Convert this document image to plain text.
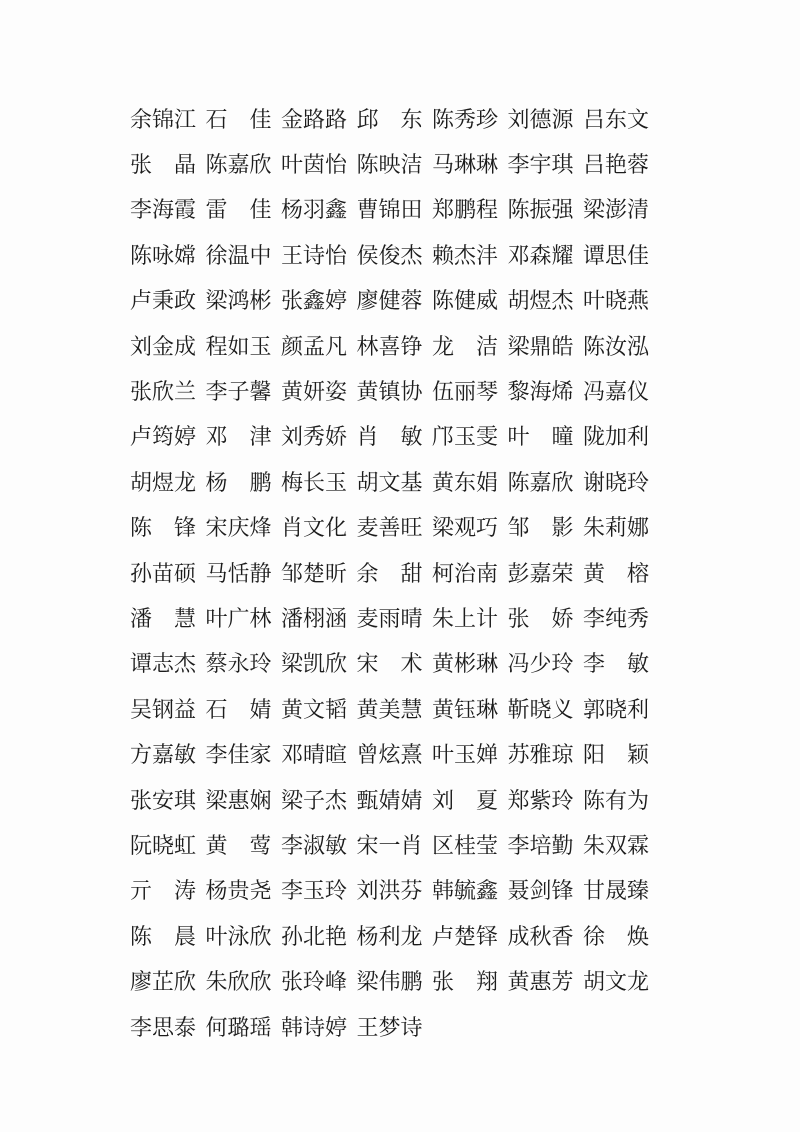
余 锦 江 石 佳 金 路 路 邱 东 陈 秀 珍 刘 德 源 吕 东 文
张 晶 陈 嘉 欣 叶 茵 怡 陈 映 洁 马 琳 琳 李 宇 琪 吕 艳 蓉
李 海 霞 雷 佳 杨 羽 鑫 曹 锦 田 郑 鹏 程 陈 振 强 梁 澎 清
陈 咏 嫦 徐 温 中 王 诗 怡 侯 俊 杰 赖 杰 沣 邓 森 耀 谭 思 佳
卢 秉 政 梁 鸿 彬 张 鑫 婷 廖 健 蓉 陈 健 威 胡 煜 杰 叶 晓 燕
刘 金 成 程 如 玉 颜 孟 凡 林 喜 铮 龙 洁 梁 鼎 皓 陈 汝 泓
张 欣 兰 李 子 馨 黄 妍 姿 黄 镇 协 伍 丽 琴 黎 海 烯 冯 嘉 仪
卢 筠 婷 邓 津 刘 秀 娇 肖 敏 邝 玉 雯 叶 曈 陇 加 利
胡 煜 龙 杨 鹏 梅 长 玉 胡 文 基 黄 东 娟 陈 嘉 欣 谢 晓 玲
陈 锋 宋 庆 烽 肖 文 化 麦 善 旺 梁 观 巧 邹 影 朱 莉 娜
孙 苗 硕 马 恬 静 邹 楚 昕 余 甜 柯 治 南 彭 嘉 荣 黄 榕
潘 慧 叶 广 林 潘 栩 涵 麦 雨 晴 朱 上 计 张 娇 李 纯 秀
谭 志 杰 蔡 永 玲 梁 凯 欣 宋 术 黄 彬 琳 冯 少 玲 李 敏
吴 钢 益 石 婧 黄 文 韬 黄 美 慧 黄 钰 琳 靳 晓 义 郭 晓 利
方 嘉 敏 李 佳 家 邓 晴 暄 曾 炫 熹 叶 玉 婵 苏 雅 琼 阳 颖
张 安 琪 梁 惠 娴 梁 子 杰 甄 婧 婧 刘 夏 郑 紫 玲 陈 有 为
阮 晓 虹 黄 莺 李 淑 敏 宋 一 肖 区 桂 莹 李 培 勤 朱 双 霖
亓 涛 杨 贵 尧 李 玉 玲 刘 洪 芬 韩 毓 鑫 聂 剑 锋 甘 晟 臻
陈 晨 叶 泳 欣 孙 北 艳 杨 利 龙 卢 楚 铎 成 秋 香 徐 焕
廖 芷 欣 朱 欣 欣 张 玲 峰 梁 伟 鹏 张 翔 黄 惠 芳 胡 文 龙
李 思 泰 何 璐 瑶 韩 诗 婷 王 梦 诗
